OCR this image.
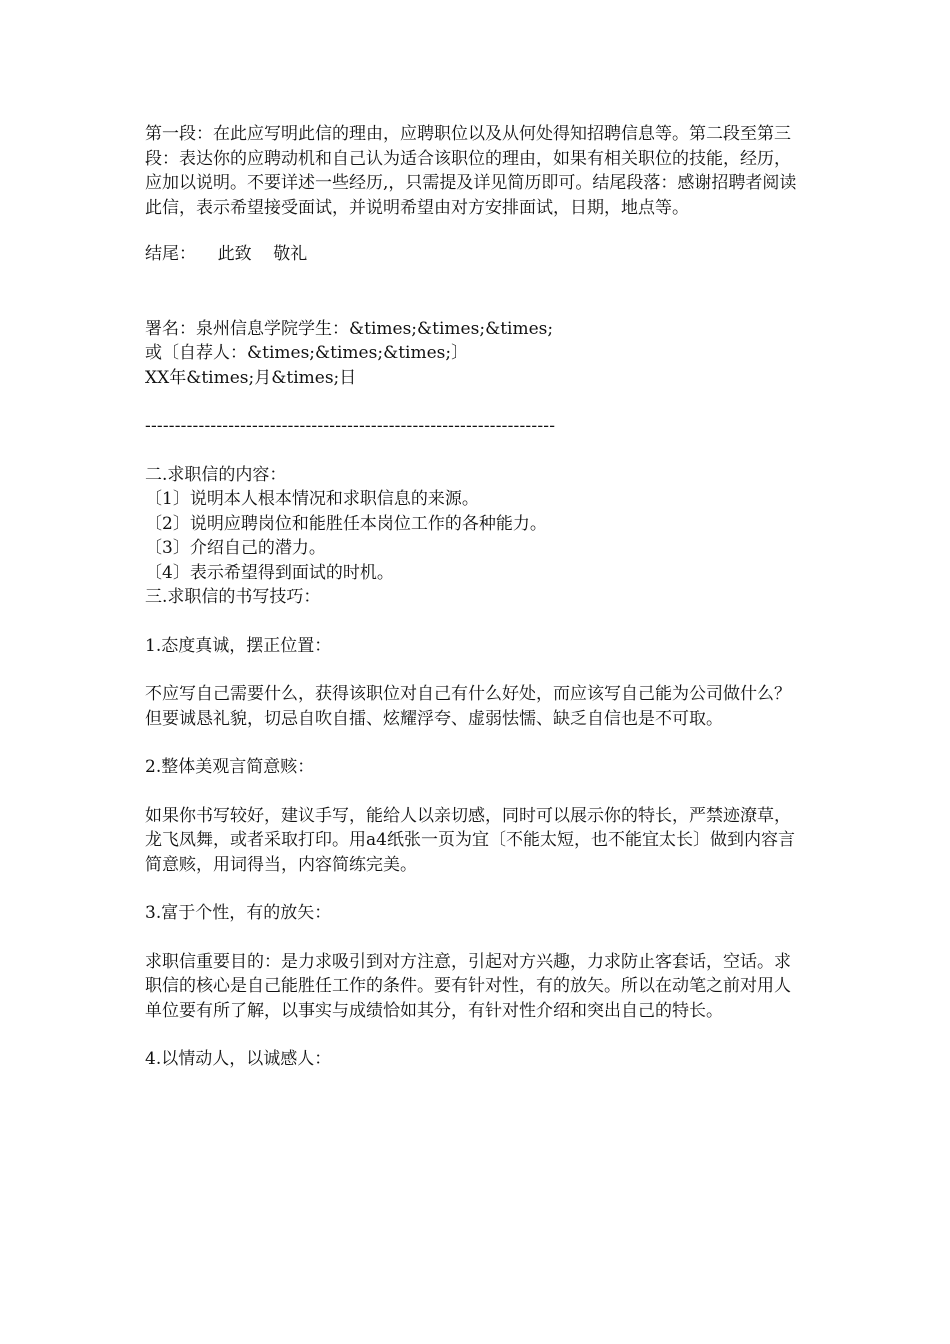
第一段：在此应写明此信的理由，应聘职位以及从何处得知招聘信息等。第二段至第三段：表达你的应聘动机和自己认为适合该职位的理由，如果有相关职位的技能，经历，应加以说明。不要详述一些经历,，只需提及详见简历即可。结尾段落：感谢招聘者阅读此信，表示希望接受面试，并说明希望由对方安排面试，日期，地点等。

结尾：    此致    敬礼

署名：泉州信息学院学生：&times;&times;&times;

或〔自荐人：&times;&times;&times;〕

XX年&times;月&times;日

---------------------------------------------------------------------

二.求职信的内容：

〔1〕说明本人根本情况和求职信息的来源。

〔2〕说明应聘岗位和能胜任本岗位工作的各种能力。

〔3〕介绍自己的潜力。

〔4〕表示希望得到面试的时机。

三.求职信的书写技巧：

1.态度真诚，摆正位置：

不应写自己需要什么，获得该职位对自己有什么好处，而应该写自己能为公司做什么？但要诚恳礼貌，切忌自吹自擂、炫耀浮夸、虚弱怯懦、缺乏自信也是不可取。

2.整体美观言简意赅：

如果你书写较好，建议手写，能给人以亲切感，同时可以展示你的特长，严禁迹潦草，龙飞凤舞，或者采取打印。用a4纸张一页为宜〔不能太短，也不能宜太长〕做到内容言简意赅，用词得当，内容简练完美。

3.富于个性，有的放矢：

求职信重要目的：是力求吸引到对方注意，引起对方兴趣，力求防止客套话，空话。求职信的核心是自己能胜任工作的条件。要有针对性，有的放矢。所以在动笔之前对用人单位要有所了解，以事实与成绩恰如其分，有针对性介绍和突出自己的特长。

4.以情动人，以诚感人：
